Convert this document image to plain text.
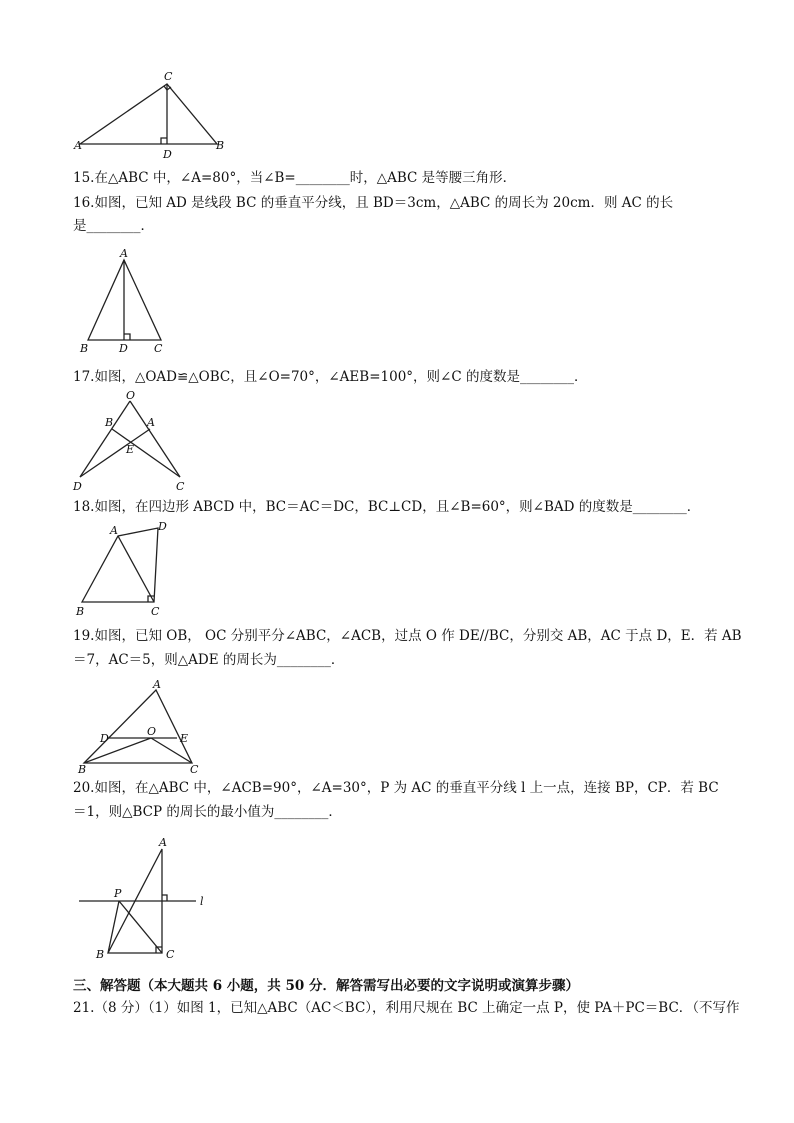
A
C
B
D
15.在△ABC 中，∠A=80°，当∠B=________时，△ABC 是等腰三角形．
16.如图，已知 AD 是线段 BC 的垂直平分线，且 BD＝3cm，△ABC 的周长为 20cm．则 AC 的长
是________．
A
B	D C
17.如图，△OAD≌△OBC，且∠O=70°，∠AEB=100°，则∠C 的度数是________．
O
B	A
E
D	C
18.如图，在四边形 ABCD 中，BC＝AC＝DC，BC⊥CD，且∠B=60°，则∠BAD 的度数是________．
A	D
B	C
19.如图，已知 OB， OC 分别平分∠ABC，∠ACB，过点 O 作 DE//BC，分别交 AB，AC 于点 D，E．若 AB
＝7，AC＝5，则△ADE 的周长为________．
A
D
O
E
B	C
20.如图，在△ABC 中，∠ACB=90°，∠A=30°，P 为 AC 的垂直平分线 l 上一点，连接 BP，CP．若 BC
＝1，则△BCP 的周长的最小值为________．
A
P
l
B	C
三、解答题（本大题共 6 小题，共 50 分．解答需写出必要的文字说明或演算步骤）
21.（8 分）（1）如图 1，已知△ABC（AC＜BC），利用尺规在 BC 上确定一点 P，使 PA＋PC＝BC．（不写作
